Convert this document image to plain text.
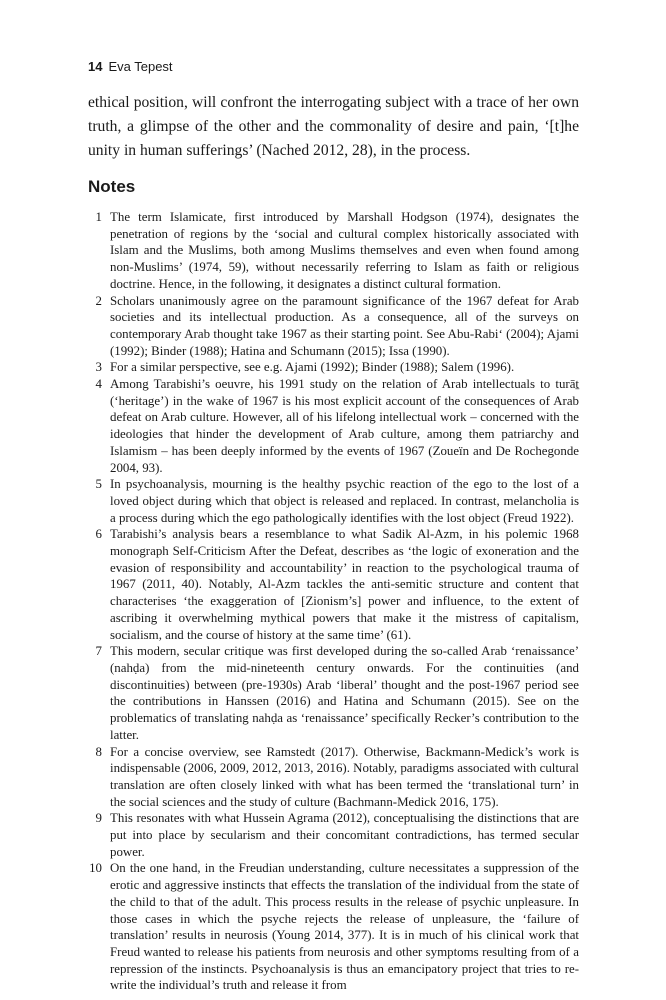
14 Eva Tepest

ethical position, will confront the interrogating subject with a trace of her own truth, a glimpse of the other and the commonality of desire and pain, ‘[t]he unity in human sufferings’ (Nached 2012, 28), in the process.

Notes
1 The term Islamicate, first introduced by Marshall Hodgson (1974), designates the penetration of regions by the ‘social and cultural complex historically associated with Islam and the Muslims, both among Muslims themselves and even when found among non-Muslims’ (1974, 59), without necessarily referring to Islam as faith or religious doctrine. Hence, in the following, it designates a distinct cultural formation.
2 Scholars unanimously agree on the paramount significance of the 1967 defeat for Arab societies and its intellectual production. As a consequence, all of the surveys on contemporary Arab thought take 1967 as their starting point. See Abu-Rabi‘ (2004); Ajami (1992); Binder (1988); Hatina and Schumann (2015); Issa (1990).
3 For a similar perspective, see e.g. Ajami (1992); Binder (1988); Salem (1996).
4 Among Tarabishi’s oeuvre, his 1991 study on the relation of Arab intellectuals to turāṯ (‘heritage’) in the wake of 1967 is his most explicit account of the consequences of Arab defeat on Arab culture. However, all of his lifelong intellectual work – concerned with the ideologies that hinder the development of Arab culture, among them patriarchy and Islamism – has been deeply informed by the events of 1967 (Zoueïn and De Rochegonde 2004, 93).
5 In psychoanalysis, mourning is the healthy psychic reaction of the ego to the lost of a loved object during which that object is released and replaced. In contrast, melancholia is a process during which the ego pathologically identifies with the lost object (Freud 1922).
6 Tarabishi’s analysis bears a resemblance to what Sadik Al-Azm, in his polemic 1968 monograph Self-Criticism After the Defeat, describes as ‘the logic of exoneration and the evasion of responsibility and accountability’ in reaction to the psychological trauma of 1967 (2011, 40). Notably, Al-Azm tackles the anti-semitic structure and content that characterises ‘the exaggeration of [Zionism’s] power and influence, to the extent of ascribing it overwhelming mythical powers that make it the mistress of capitalism, socialism, and the course of history at the same time’ (61).
7 This modern, secular critique was first developed during the so-called Arab ‘renaissance’ (nahḍa) from the mid-nineteenth century onwards. For the continuities (and discontinuities) between (pre-1930s) Arab ‘liberal’ thought and the post-1967 period see the contributions in Hanssen (2016) and Hatina and Schumann (2015). See on the problematics of translating nahḍa as ‘renaissance’ specifically Recker’s contribution to the latter.
8 For a concise overview, see Ramstedt (2017). Otherwise, Backmann-Medick’s work is indispensable (2006, 2009, 2012, 2013, 2016). Notably, paradigms associated with cultural translation are often closely linked with what has been termed the ‘translational turn’ in the social sciences and the study of culture (Bachmann-Medick 2016, 175).
9 This resonates with what Hussein Agrama (2012), conceptualising the distinctions that are put into place by secularism and their concomitant contradictions, has termed secular power.
10 On the one hand, in the Freudian understanding, culture necessitates a suppression of the erotic and aggressive instincts that effects the translation of the individual from the state of the child to that of the adult. This process results in the release of psychic unpleasure. In those cases in which the psyche rejects the release of unpleasure, the ‘failure of translation’ results in neurosis (Young 2014, 377). It is in much of his clinical work that Freud wanted to release his patients from neurosis and other symptoms resulting from of a repression of the instincts. Psychoanalysis is thus an emancipatory project that tries to re-write the individual’s truth and release it from
